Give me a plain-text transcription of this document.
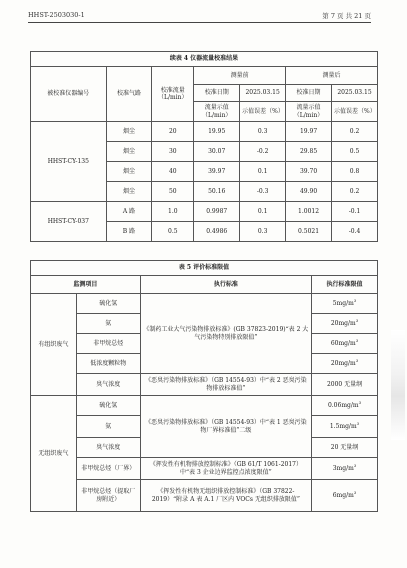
HHST-2503030-1	第 7 页 共 21 页
续表 4 仪器流量校准结果						
被校准仪器编号	校准气路	校准流量（L/min）	测量前		测量后	
			校准日期	2025.03.15	校准日期	2025.03.15
			流量示值（L/min）	示值误差（%）	流量示值（L/min）	示值误差（%）
HHST-CY-135	烟尘	20	19.95	0.3	19.97	0.2
	烟尘	30	30.07	-0.2	29.85	0.5
	烟尘	40	39.97	0.1	39.70	0.8
	烟尘	50	50.16	-0.3	49.90	0.2
HHST-CY-037	A 路	1.0	0.9987	0.1	1.0012	-0.1
	B 路	0.5	0.4986	0.3	0.5021	-0.4
表 5 评价标准限值			
监测项目		执行标准	执行标准限值
有组织废气	硫化氢	《制药工业大气污染物排放标准》(GB 37823-2019)“表 2 大气污染物特别排放限值”	$5mg/m^3$
	氨		$20mg/m^3$
	非甲烷总烃		$60mg/m^3$
	低浓度颗粒物		$20mg/m^3$
	臭气浓度	《恶臭污染物排放标准》（GB 14554-93）中“表 2 恶臭污染物排放标准值”	2000 无量纲
无组织废气	硫化氢	《恶臭污染物排放标准》（GB 14554-93）中“表 1 恶臭污染物厂界标准值”二级	$0.06mg/m^3$
	氨		$1.5mg/m^3$
	臭气浓度		20 无量纲
	非甲烷总烃（厂界）	《挥发性有机物排放控制标准》（GB 61/T 1061-2017）中“表 3 企业边界监控点浓度限值”	$3mg/m^3$
	非甲烷总烃（提取厂房附近）	《挥发性有机物无组织排放控制标准》（GB 37822-2019）“附录 A 表 A.1 厂区内 VOCs 无组织排放限值”	$6mg/m^3$
